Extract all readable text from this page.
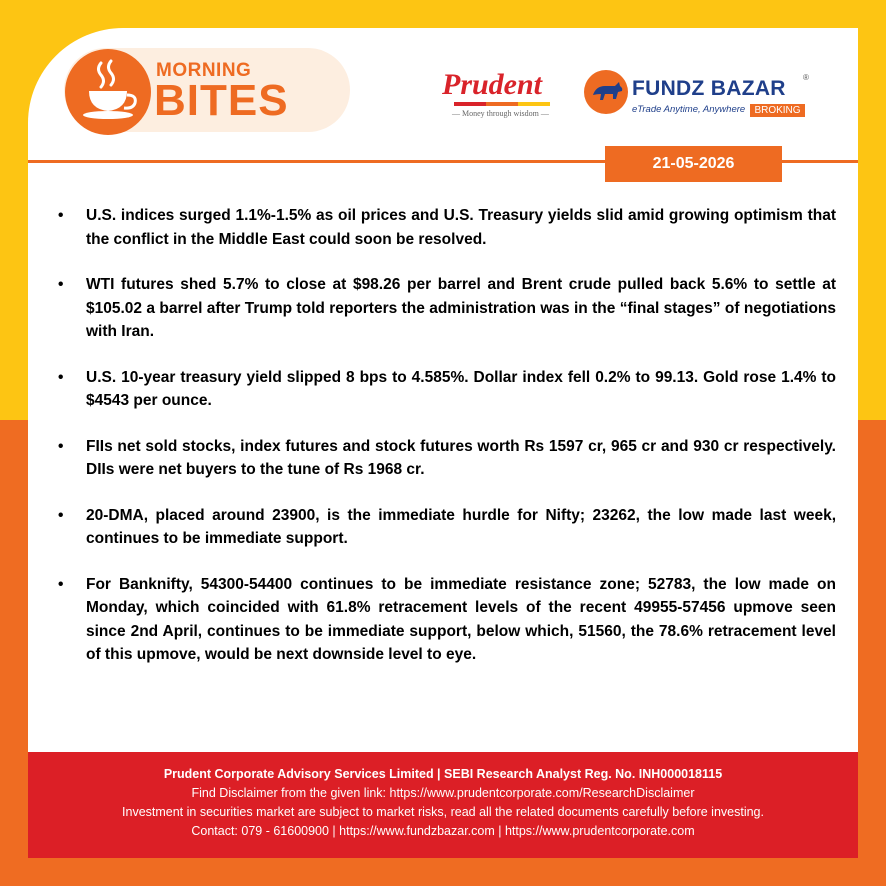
MORNING
BITES	Prudent
— Money through wisdom —
FUNDZ BAZAR ®
eTrade Anytime, Anywhere BROKING
21-05-2026
• U.S. indices surged 1.1%-1.5% as oil prices and U.S. Treasury yields slid amid growing optimism that the conflict in the Middle East could soon be resolved.
• WTI futures shed 5.7% to close at $98.26 per barrel and Brent crude pulled back 5.6% to settle at $105.02 a barrel after Trump told reporters the administration was in the “final stages” of negotiations with Iran.
• U.S. 10-year treasury yield slipped 8 bps to 4.585%. Dollar index fell 0.2% to 99.13. Gold rose 1.4% to $4543 per ounce.
• FIIs net sold stocks, index futures and stock futures worth Rs 1597 cr, 965 cr and 930 cr respectively. DIIs were net buyers to the tune of Rs 1968 cr.
• 20-DMA, placed around 23900, is the immediate hurdle for Nifty; 23262, the low made last week, continues to be immediate support.
• For Banknifty, 54300-54400 continues to be immediate resistance zone; 52783, the low made on Monday, which coincided with 61.8% retracement levels of the recent 49955-57456 upmove seen since 2nd April, continues to be immediate support, below which, 51560, the 78.6% retracement level of this upmove, would be next downside level to eye.
Prudent Corporate Advisory Services Limited | SEBI Research Analyst Reg. No. INH000018115
Find Disclaimer from the given link: https://www.prudentcorporate.com/ResearchDisclaimer
Investment in securities market are subject to market risks, read all the related documents carefully before investing.
Contact: 079 - 61600900 | https://www.fundzbazar.com | https://www.prudentcorporate.com
